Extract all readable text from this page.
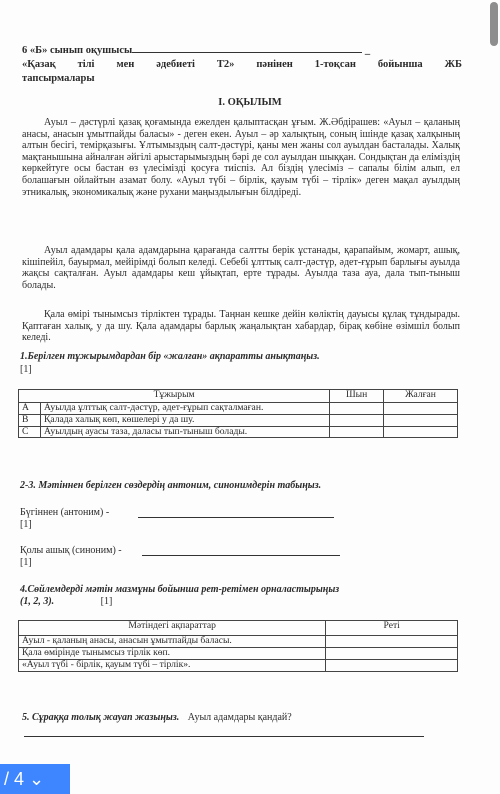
6 «Б» сынып оқушысы	_
«Қазақ тілі мен әдебиеті Т2» пәнінен 1-тоқсан бойынша ЖБ
тапсырмалары
I. ОҚЫЛЫМ
Ауыл – дәстүрлі қазақ қоғамында ежелден қалыптасқан ұғым. Ж.Әбдірашев: «Ауыл – қаланың анасы, анасын ұмытпайды баласы» - деген екен. Ауыл – әр халықтың, соның ішінде қазақ халқының алтын бесігі, темірқазығы. Ұлтымыздың салт-дәстүрі, қаны мен жаны сол ауылдан басталады. Халық мақтанышына айналған әйгілі арыстарымыздың бәрі де сол ауылдан шыққан. Сондықтан да еліміздің көркейтуге осы бастан өз үлесімізді қосуға тиіспіз. Ал біздің үлесіміз – сапалы білім алып, ел болашағын ойлайтын азамат болу. «Ауыл түбі – бірлік, қауым түбі – тірлік» деген мақал ауылдың этникалық, экономикалық және рухани маңыздылығын білдіреді.
Ауыл адамдары қала адамдарына қарағанда салтты берік ұстанады, қарапайым, жомарт, ашық, кішіпейіл, бауырмал, мейірімді болып келеді. Себебі ұлттық салт-дәстүр, әдет-ғұрып барлығы ауылда жақсы сақталған. Ауыл адамдары кеш ұйықтап, ерте тұрады. Ауылда таза ауа, дала тып-тыныш болады.
Қала өмірі тынымсыз тірліктен тұрады. Таңнан кешке дейін көліктің дауысы құлақ тұндырады. Қаптаған халық, у да шу. Қала адамдары барлық жаңалықтан хабардар, бірақ көбіне өзімшіл болып келеді.
1.Берілген тұжырымдардан бір «жалған» ақпаратты анықтаңыз.
[1]
Тұжырым		Шын	Жалған
A	Ауылда ұлттық салт-дәстүр, әдет-ғұрып сақталмаған.		
B	Қалада халық көп, көшелері у да шу.		
C	Ауылдың ауасы таза, даласы тып-тыныш болады.		
2-3. Мәтіннен берілген сөздердің антоним, синонимдерін табыңыз.
Бүгіннен (антоним) -
[1]
Қолы ашық (синоним) -
[1]
4.Сөйлемдерді мәтін мазмұны бойынша рет-ретімен орналастырыңыз
(1, 2, 3).	[1]
Мәтіндегі ақпараттар	Реті
Ауыл - қаланың анасы, анасын ұмытпайды баласы.	
Қала өмірінде тынымсыз тірлік көп.	
«Ауыл түбі - бірлік, қауым түбі – тірлік».	
5. Сұраққа толық жауап жазыңыз. Ауыл адамдары қандай?
/ 4 ⌄
